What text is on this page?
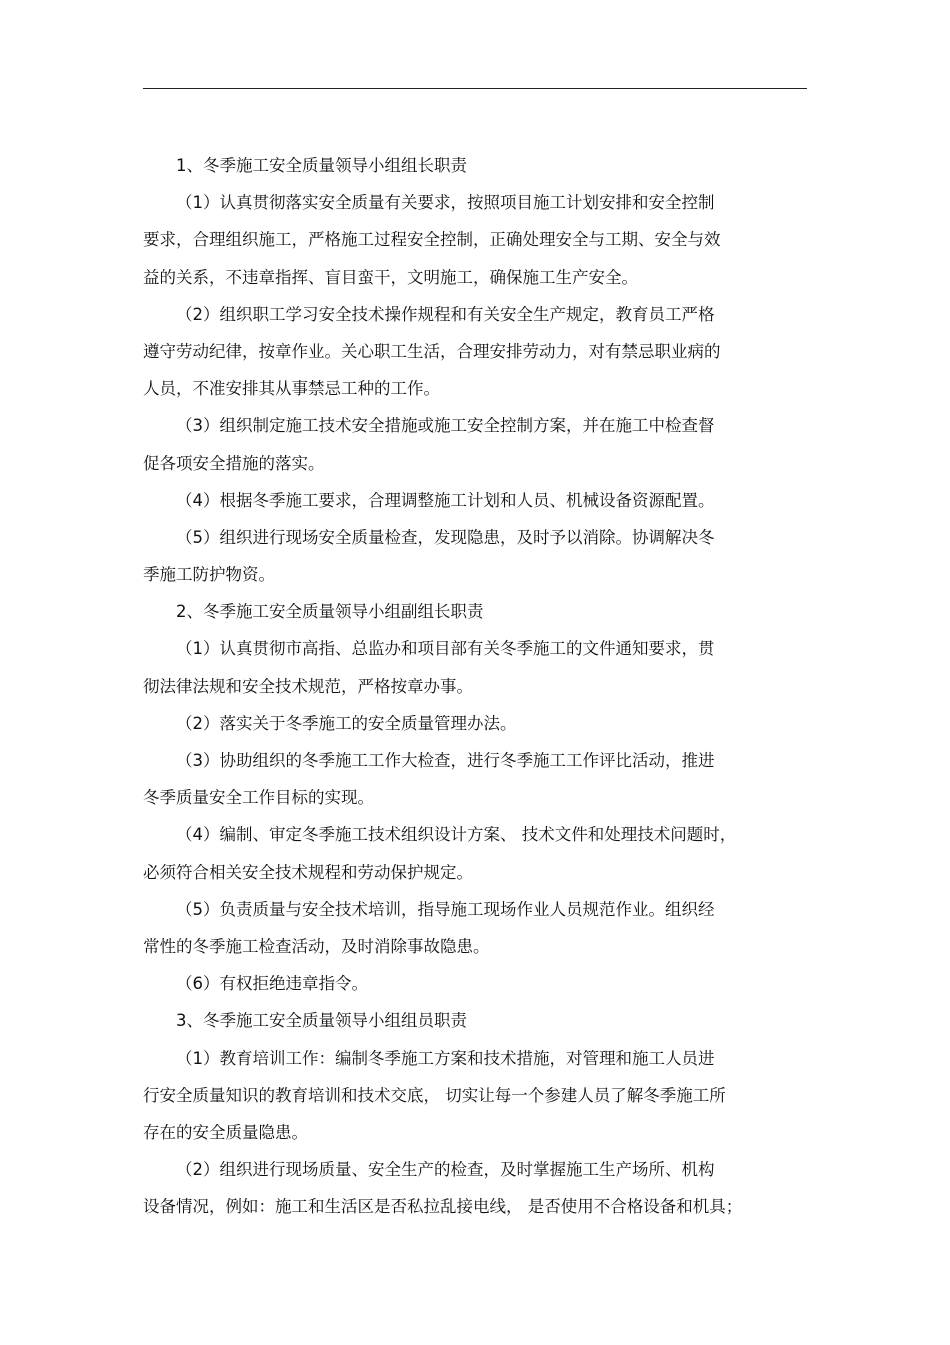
1、冬季施工安全质量领导小组组长职责
（1）认真贯彻落实安全质量有关要求，按照项目施工计划安排和安全控制
要求，合理组织施工，严格施工过程安全控制，正确处理安全与工期、安全与效
益的关系，不违章指挥、盲目蛮干，文明施工，确保施工生产安全。
（2）组织职工学习安全技术操作规程和有关安全生产规定，教育员工严格
遵守劳动纪律，按章作业。关心职工生活，合理安排劳动力，对有禁忌职业病的
人员，不准安排其从事禁忌工种的工作。
（3）组织制定施工技术安全措施或施工安全控制方案，并在施工中检查督
促各项安全措施的落实。
（4）根据冬季施工要求，合理调整施工计划和人员、机械设备资源配置。
（5）组织进行现场安全质量检查，发现隐患，及时予以消除。协调解决冬
季施工防护物资。
2、冬季施工安全质量领导小组副组长职责
（1）认真贯彻市高指、总监办和项目部有关冬季施工的文件通知要求，贯
彻法律法规和安全技术规范，严格按章办事。
（2）落实关于冬季施工的安全质量管理办法。
（3）协助组织的冬季施工工作大检查，进行冬季施工工作评比活动，推进
冬季质量安全工作目标的实现。
（4）编制、审定冬季施工技术组织设计方案、 技术文件和处理技术问题时，
必须符合相关安全技术规程和劳动保护规定。
（5）负责质量与安全技术培训，指导施工现场作业人员规范作业。组织经
常性的冬季施工检查活动，及时消除事故隐患。
（6）有权拒绝违章指令。
3、冬季施工安全质量领导小组组员职责
（1）教育培训工作：编制冬季施工方案和技术措施，对管理和施工人员进
行安全质量知识的教育培训和技术交底， 切实让每一个参建人员了解冬季施工所
存在的安全质量隐患。
（2）组织进行现场质量、安全生产的检查，及时掌握施工生产场所、机构
设备情况，例如：施工和生活区是否私拉乱接电线， 是否使用不合格设备和机具；
